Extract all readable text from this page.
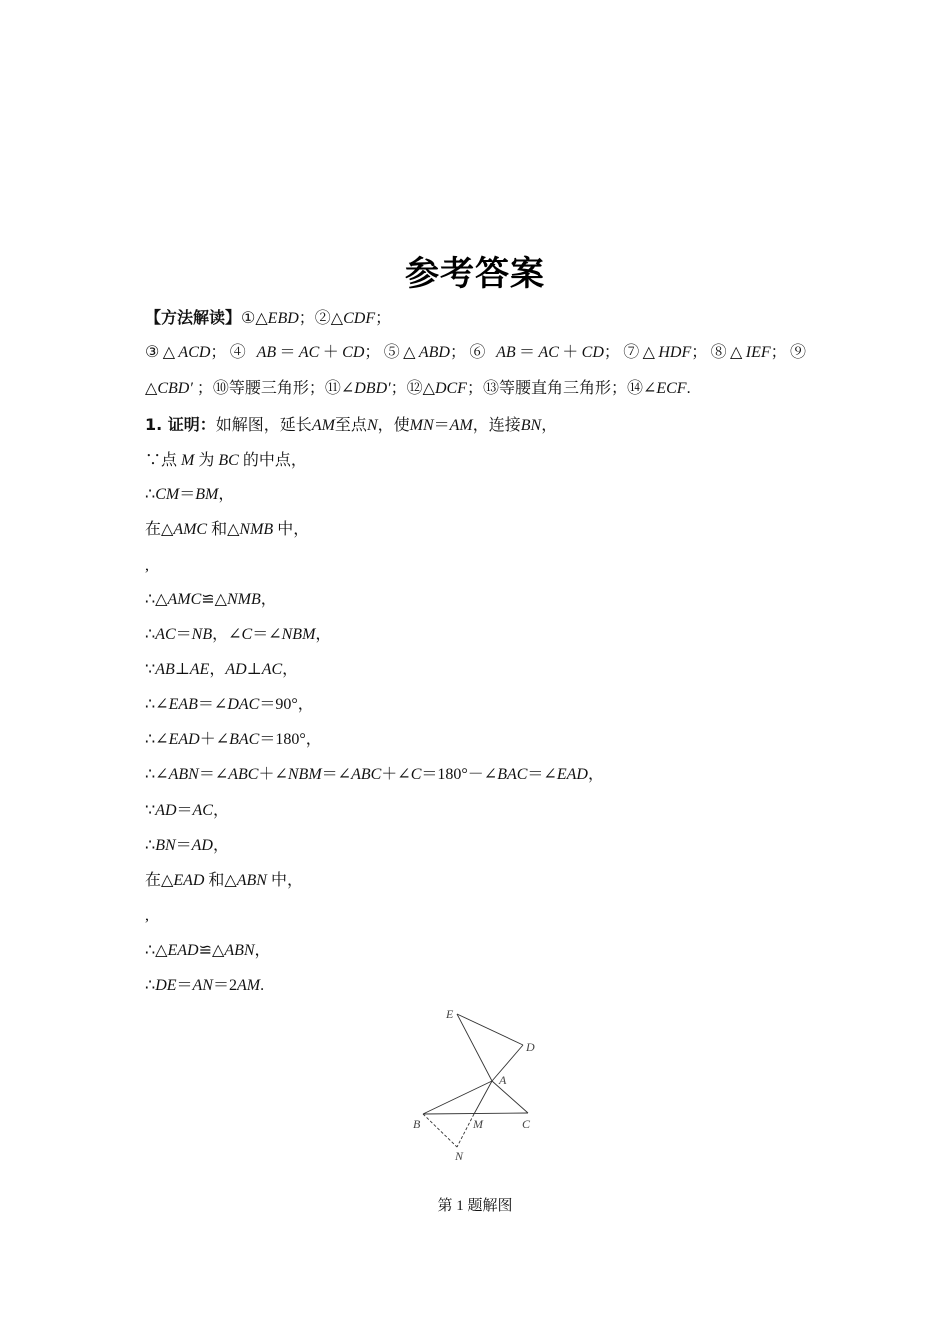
参考答案
【方法解读】①△EBD；②△CDF；
③△ACD；④ AB＝AC＋CD；⑤△ABD；⑥ AB＝AC＋CD；⑦△HDF；⑧△IEF；⑨
△CBD′ ；⑩等腰三角形；⑪∠DBD′；⑫△DCF；⑬等腰直角三角形；⑭∠ECF.
1. 证明：如解图，延长AM至点N，使MN＝AM，连接BN，
∵点 M 为 BC 的中点，
∴CM＝BM，
在△AMC 和△NMB 中，
,
∴△AMC≌△NMB，
∴AC＝NB，∠C＝∠NBM，
∵AB⊥AE，AD⊥AC，
∴∠EAB＝∠DAC＝90°，
∴∠EAD＋∠BAC＝180°，
∴∠ABN＝∠ABC＋∠NBM＝∠ABC＋∠C＝180°－∠BAC＝∠EAD，
∵AD＝AC，
∴BN＝AD，
在△EAD 和△ABN 中，
,
∴△EAD≌△ABN，
∴DE＝AN＝2AM.
E
D
A
B	M	C
N
第 1 题解图
